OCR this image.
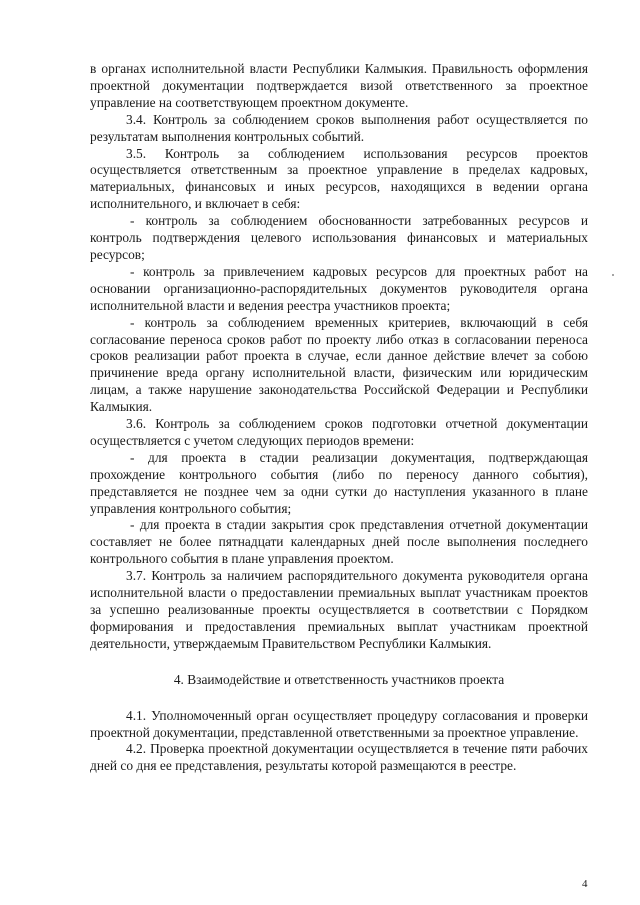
в органах исполнительной власти Республики Калмыкия. Правильность оформления проектной документации подтверждается визой ответственного за проектное управление на соответствующем проектном документе.

3.4. Контроль за соблюдением сроков выполнения работ осуществляется по результатам выполнения контрольных событий.

3.5. Контроль за соблюдением использования ресурсов проектов осуществляется ответственным за проектное управление в пределах кадровых, материальных, финансовых и иных ресурсов, находящихся в ведении органа исполнительного, и включает в себя:

- контроль за соблюдением обоснованности затребованных ресурсов и контроль подтверждения целевого использования финансовых и материальных ресурсов;

- контроль за привлечением кадровых ресурсов для проектных работ на основании организационно-распорядительных документов руководителя органа исполнительной власти и ведения реестра участников проекта;

- контроль за соблюдением временных критериев, включающий в себя согласование переноса сроков работ по проекту либо отказ в согласовании переноса сроков реализации работ проекта в случае, если данное действие влечет за собою причинение вреда органу исполнительной власти, физическим или юридическим лицам, а также нарушение законодательства Российской Федерации и Республики Калмыкия.

3.6. Контроль за соблюдением сроков подготовки отчетной документации осуществляется с учетом следующих периодов времени:

- для проекта в стадии реализации документация, подтверждающая прохождение контрольного события (либо по переносу данного события), представляется не позднее чем за одни сутки до наступления указанного в плане управления контрольного события;

- для проекта в стадии закрытия срок представления отчетной документации составляет не более пятнадцати календарных дней после выполнения последнего контрольного события в плане управления проектом.

3.7. Контроль за наличием распорядительного документа руководителя органа исполнительной власти о предоставлении премиальных выплат участникам проектов за успешно реализованные проекты осуществляется в соответствии с Порядком формирования и предоставления премиальных выплат участникам проектной деятельности, утверждаемым Правительством Республики Калмыкия.

4. Взаимодействие и ответственность участников проекта

4.1. Уполномоченный орган осуществляет процедуру согласования и проверки проектной документации, представленной ответственными за проектное управление.

4.2. Проверка проектной документации осуществляется в течение пяти рабочих дней со дня ее представления, результаты которой размещаются в реестре.

4
